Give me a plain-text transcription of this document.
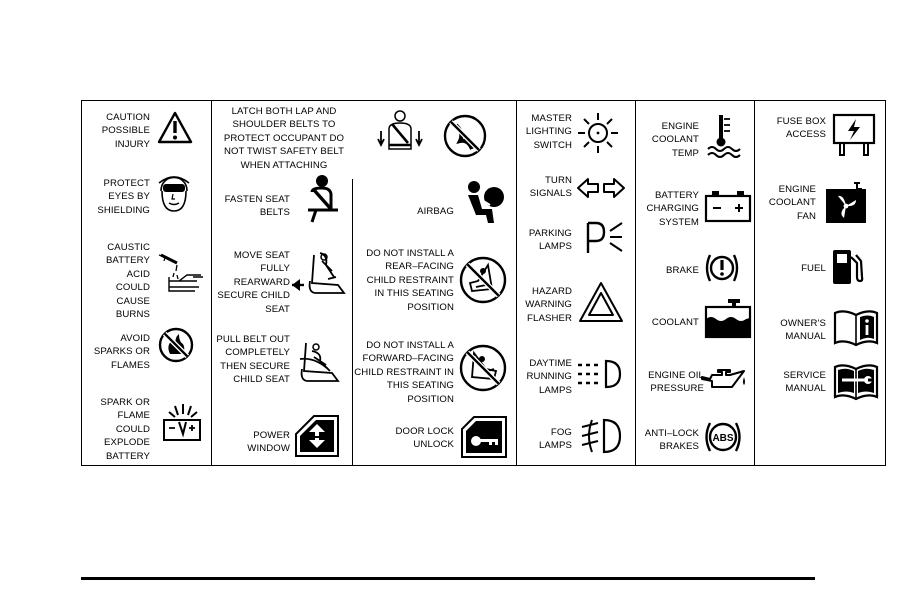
CAUTION POSSIBLE INJURY
PROTECT EYES BY SHIELDING
CAUSTIC BATTERY ACID COULD CAUSE BURNS
AVOID SPARKS OR FLAMES
SPARK OR FLAME COULD EXPLODE BATTERY
LATCH BOTH LAP AND SHOULDER BELTS TO PROTECT OCCUPANT DO NOT TWIST SAFETY BELT WHEN ATTACHING
FASTEN SEAT BELTS
MOVE SEAT FULLY REARWARD SECURE CHILD SEAT
PULL BELT OUT COMPLETELY THEN SECURE CHILD SEAT
POWER WINDOW
AIRBAG
DO NOT INSTALL A REAR–FACING CHILD RESTRAINT IN THIS SEATING POSITION
DO NOT INSTALL A FORWARD–FACING CHILD RESTRAINT IN THIS SEATING POSITION
DOOR LOCK UNLOCK
MASTER LIGHTING SWITCH
TURN SIGNALS
PARKING LAMPS
HAZARD WARNING FLASHER
DAYTIME RUNNING LAMPS
FOG LAMPS
ENGINE COOLANT TEMP
BATTERY CHARGING SYSTEM
BRAKE
COOLANT
ENGINE OIL PRESSURE
ANTI–LOCK BRAKES
ABS
FUSE BOX ACCESS
ENGINE COOLANT FAN
FUEL
OWNER'S MANUAL
SERVICE MANUAL
